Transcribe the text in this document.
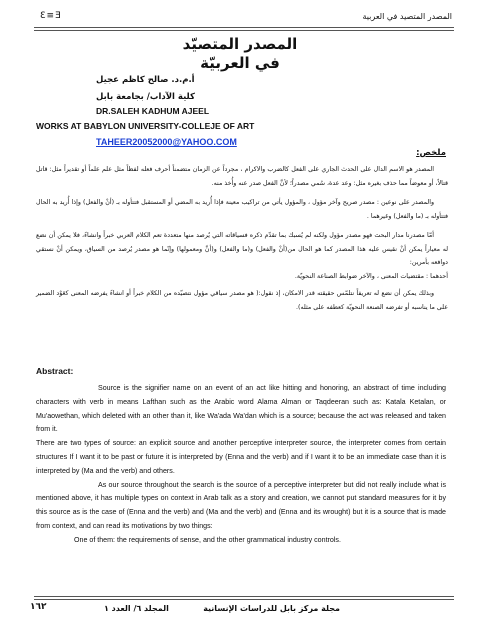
المصدر المتصيد في العربية
Ԑ≡Ǝ
المصدر المتصيّد
في العربيّة
أ.م.د. صالح كاظم عجيل
كلية الآداب/ بجامعة بابل
DR.SALEH KADHUM AJEEL
WORKS AT BABYLON UNIVERSITY-COLLEJE OF ART
TAHEER20052000@YAHOO.COM
ملخص:

المصدر هو الاسم الدال على الحدث الجاري على الفعل كالضرب والاكرام ، مجرداً عن الزمان متضمناً أحرف فعله لفظاً مثل علم علماً أو تقديراً مثل: قاتل قتالاً، أو معوضاً مما حذف بغيره مثل: وعد عدة، سُمي مصدراً؛ لأنَّ الفعل صدر عنه وأُخذ منه.

والمصدر على نوعين : مصدر صريح وآخر مؤول ، والمؤول يأتي من تراكيب معينة فإذا أُريد به المضي أو المستقبل فتتأوله بـ (أنْ والفعل) وإذا أُريد به الحال فتتأوله بـ (ما والفعل) وغيرهما .

أمّا مصدرنا مدار البحث فهو مصدر مؤول ولكنه لم يُسبك بما تقدّم ذكره فسياقاته التي يُرصد منها متعددة تعم الكلام العربي خبراً وانشاءً، فلا يمكن أن نضع له معياراً يمكن أنْ نقيس عليه هذا المصدر كما هو الحال من(أنْ والفعل) و(ما والفعل) و(أنَّ ومعمولها) وإنّما هو مصدر يُرصد من السياق، ويمكن أنْ نستقي دوافعه بأمرين:

أحدهما : مقتضيات المعنى ، والآخر ضوابط الصناعة النحويّة.

وبذلك يمكن أن نضع له تعريفاً نتلمّس حقيقته قدر الامكان، إذ نقول:( هو مصدر سياقي مؤول نتصيّده من الكلام خبراً أو انشاءً يفرضه المعنى كعَوْد الضمير على ما يناسبه أو تفرضه الصنعة النحويّة كعطفه على مثله).

Abstract:

Source is the signifier name on an event of an act like hitting and honoring, an abstract of time including characters with verb in means Lafthan such as the Arabic word Alama Alman or Taqdeeran such as: Katala Ketalan, or Mu'aowethan, which deleted with an other than it, like Wa'ada Wa'dan which is a source; because the act was released and taken from it.

There are two types of source: an explicit source and another perceptive interpreter source, the interpreter comes from certain structures If I want it to be past or future it is interpreted by (Enna and the verb) and if I want it to be an immediate case than it is interpreted by (Ma and the verb) and others.

As our source throughout the search is the source of a perceptive interpreter but did not really include what is mentioned above, it has multiple types on context in Arab talk as a story and creation, we cannot put standard measures for it by this source as is the case of (Enna and the verb) and (Ma and the verb) and (Enna and its wrought) but it is a source that is made from context, and can read its motivations by two things:

One of them: the requirements of sense, and the other grammatical industry controls.

مجلة مركز بابل للدراسات الإنسانية
المجلد ٦/ العدد ١
١٦٢
